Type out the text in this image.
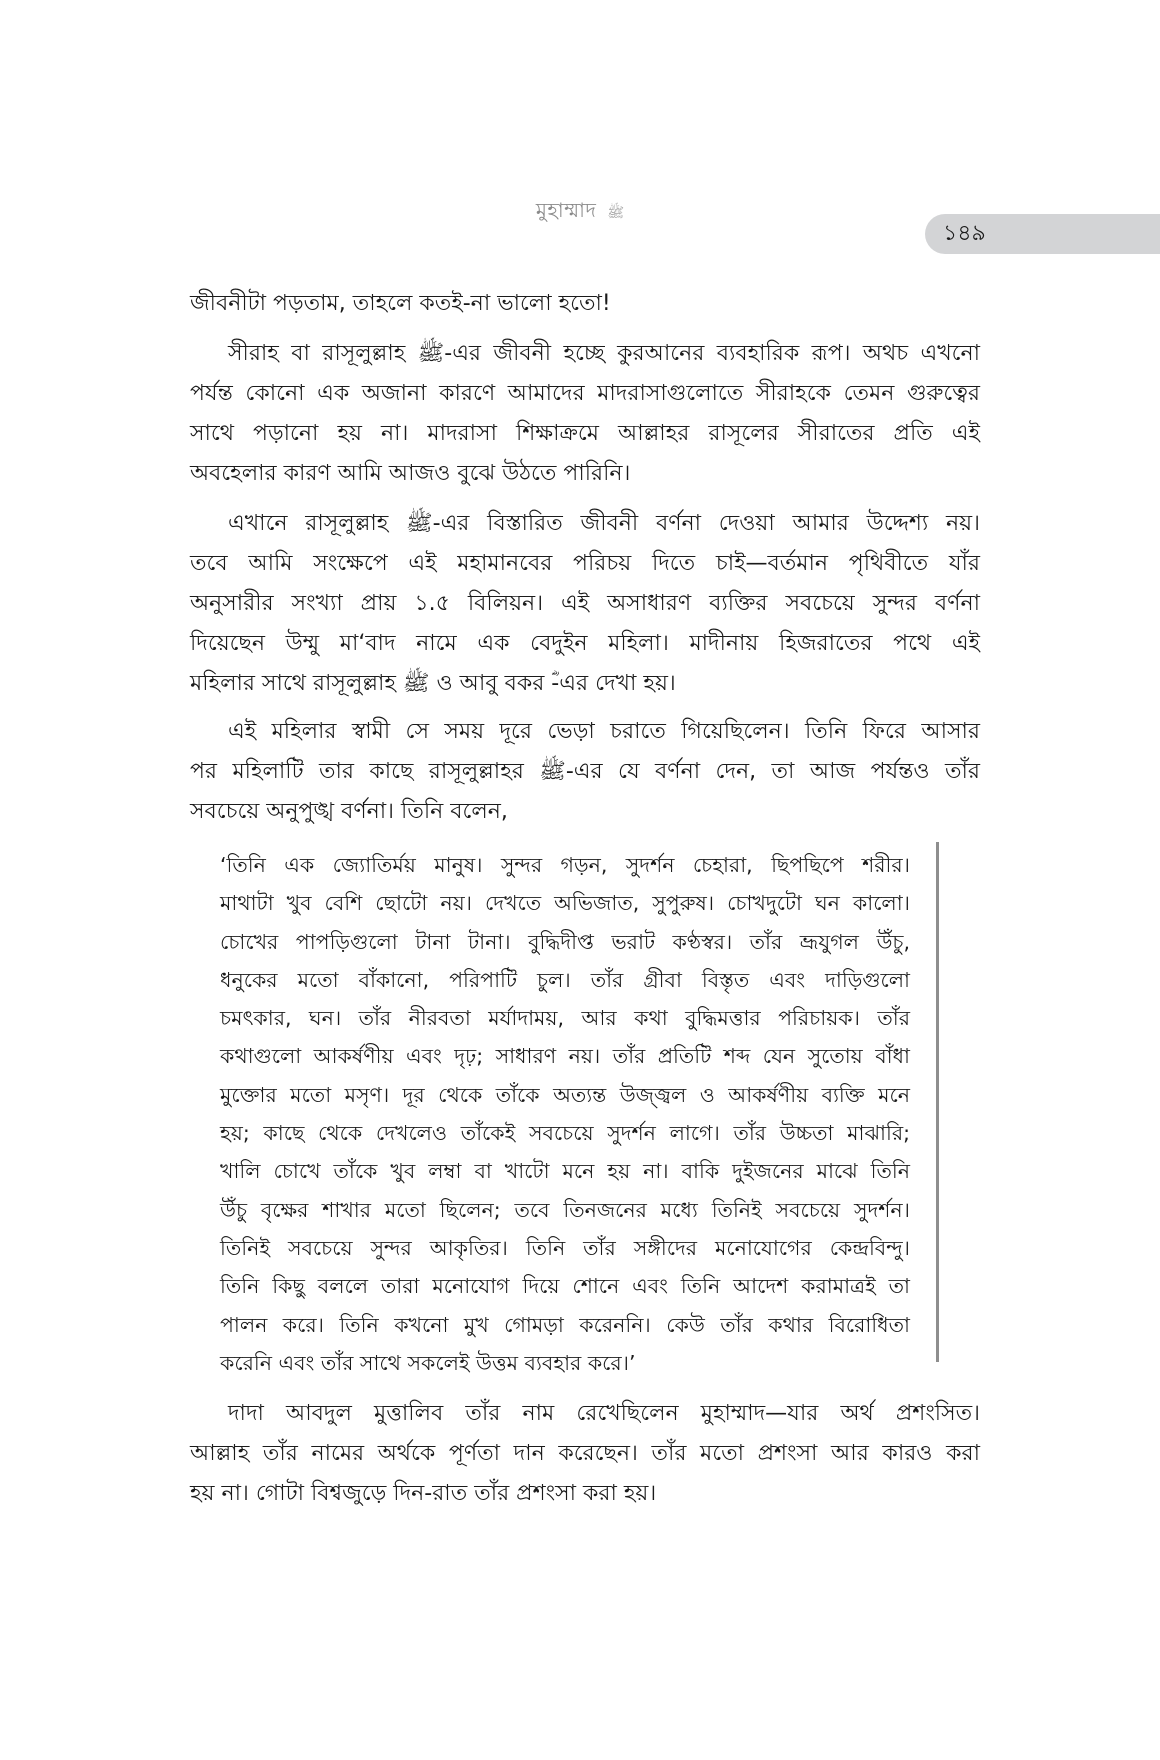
মুহাম্মাদ ﷺ
১৪৯
জীবনীটা পড়তাম, তাহলে কতই-না ভালো হতো!
সীরাহ বা রাসূলুল্লাহ ﷺ-এর জীবনী হচ্ছে কুরআনের ব্যবহারিক রূপ। অথচ এখনো
পর্যন্ত কোনো এক অজানা কারণে আমাদের মাদরাসাগুলোতে সীরাহকে তেমন গুরুত্বের
সাথে পড়ানো হয় না। মাদরাসা শিক্ষাক্রমে আল্লাহর রাসূলের সীরাতের প্রতি এই
অবহেলার কারণ আমি আজও বুঝে উঠতে পারিনি।
এখানে রাসূলুল্লাহ ﷺ-এর বিস্তারিত জীবনী বর্ণনা দেওয়া আমার উদ্দেশ্য নয়।
তবে আমি সংক্ষেপে এই মহামানবের পরিচয় দিতে চাই—বর্তমান পৃথিবীতে যাঁর
অনুসারীর সংখ্যা প্রায় ১.৫ বিলিয়ন। এই অসাধারণ ব্যক্তির সবচেয়ে সুন্দর বর্ণনা
দিয়েছেন উম্মু মা‘বাদ নামে এক বেদুইন মহিলা। মাদীনায় হিজরাতের পথে এই
মহিলার সাথে রাসূলুল্লাহ ﷺ ও আবু বকর ؓ-এর দেখা হয়।
এই মহিলার স্বামী সে সময় দূরে ভেড়া চরাতে গিয়েছিলেন। তিনি ফিরে আসার
পর মহিলাটি তার কাছে রাসূলুল্লাহর ﷺ-এর যে বর্ণনা দেন, তা আজ পর্যন্তও তাঁর
সবচেয়ে অনুপুঙ্খ বর্ণনা। তিনি বলেন,
‘তিনি এক জ্যোতির্ময় মানুষ। সুন্দর গড়ন, সুদর্শন চেহারা, ছিপছিপে শরীর।
মাথাটা খুব বেশি ছোটো নয়। দেখতে অভিজাত, সুপুরুষ। চোখদুটো ঘন কালো।
চোখের পাপড়িগুলো টানা টানা। বুদ্ধিদীপ্ত ভরাট কণ্ঠস্বর। তাঁর ভ্রূযুগল উঁচু,
ধনুকের মতো বাঁকানো, পরিপাটি চুল। তাঁর গ্রীবা বিস্তৃত এবং দাড়িগুলো
চমৎকার, ঘন। তাঁর নীরবতা মর্যাদাময়, আর কথা বুদ্ধিমত্তার পরিচায়ক। তাঁর
কথাগুলো আকর্ষণীয় এবং দৃঢ়; সাধারণ নয়। তাঁর প্রতিটি শব্দ যেন সুতোয় বাঁধা
মুক্তোর মতো মসৃণ। দূর থেকে তাঁকে অত্যন্ত উজ্জ্বল ও আকর্ষণীয় ব্যক্তি মনে
হয়; কাছে থেকে দেখলেও তাঁকেই সবচেয়ে সুদর্শন লাগে। তাঁর উচ্চতা মাঝারি;
খালি চোখে তাঁকে খুব লম্বা বা খাটো মনে হয় না। বাকি দুইজনের মাঝে তিনি
উঁচু বৃক্ষের শাখার মতো ছিলেন; তবে তিনজনের মধ্যে তিনিই সবচেয়ে সুদর্শন।
তিনিই সবচেয়ে সুন্দর আকৃতির। তিনি তাঁর সঙ্গীদের মনোযোগের কেন্দ্রবিন্দু।
তিনি কিছু বললে তারা মনোযোগ দিয়ে শোনে এবং তিনি আদেশ করামাত্রই তা
পালন করে। তিনি কখনো মুখ গোমড়া করেননি। কেউ তাঁর কথার বিরোধিতা
করেনি এবং তাঁর সাথে সকলেই উত্তম ব্যবহার করে।’
দাদা আবদুল মুত্তালিব তাঁর নাম রেখেছিলেন মুহাম্মাদ—যার অর্থ প্রশংসিত।
আল্লাহ তাঁর নামের অর্থকে পূর্ণতা দান করেছেন। তাঁর মতো প্রশংসা আর কারও করা
হয় না। গোটা বিশ্বজুড়ে দিন-রাত তাঁর প্রশংসা করা হয়।
